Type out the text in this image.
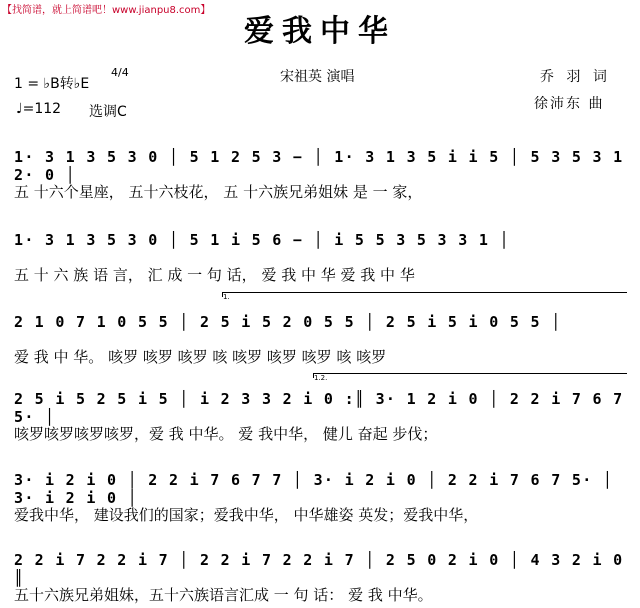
【找简谱，就上简谱吧！www.jianpu8.com】
爱我中华
1 = ♭B转♭E
4/4
♩=112 选调C
宋祖英 演唱	乔 羽 词
徐沛东 曲
1· 3 1 3 5 3 0 │ 5 1 2 5 3 − │ 1· 3 1 3 5 i i 5 │ 5 3 5 3 1 2· 0 │
五 十六个星座， 五十六枝花， 五 十六族兄弟姐妹 是 一 家，
1· 3 1 3 5 3 0 │ 5 1 i 5 6 − │ i 5 5 3 5 3 3 1 │
五 十 六 族 语 言， 汇 成 一 句 话， 爱 我 中 华 爱 我 中 华
1.
2 1 0 7 1 0 5 5 │ 2 5 i 5 2 0 5 5 │ 2 5 i 5 i 0 5 5 │
爱 我 中 华。 咳罗 咳罗 咳罗 咳 咳罗 咳罗 咳罗 咳 咳罗
1.2.
2 5 i 5 2 5 i 5 │ i 2 3 3 2 i 0 :║ 3· 1 2 i 0 │ 2 2 i 7 6 7 5· │
咳罗咳罗咳罗咳罗，爱 我 中华。 爱 我中华， 健儿 奋起 步伐；
3· i 2 i 0 │ 2 2 i 7 6 7 7 │ 3· i 2 i 0 │ 2 2 i 7 6 7 5· │ 3· i 2 i 0 │
爱我中华， 建设我们的国家；爱我中华， 中华雄姿 英发；爱我中华，
2 2 i 7 2 2 i 7 │ 2 2 i 7 2 2 i 7 │ 2 5 0 2 i 0 │ 4 3 2 i 0 ║
五十六族兄弟姐妹，五十六族语言汇成 一 句 话： 爱 我 中华。
